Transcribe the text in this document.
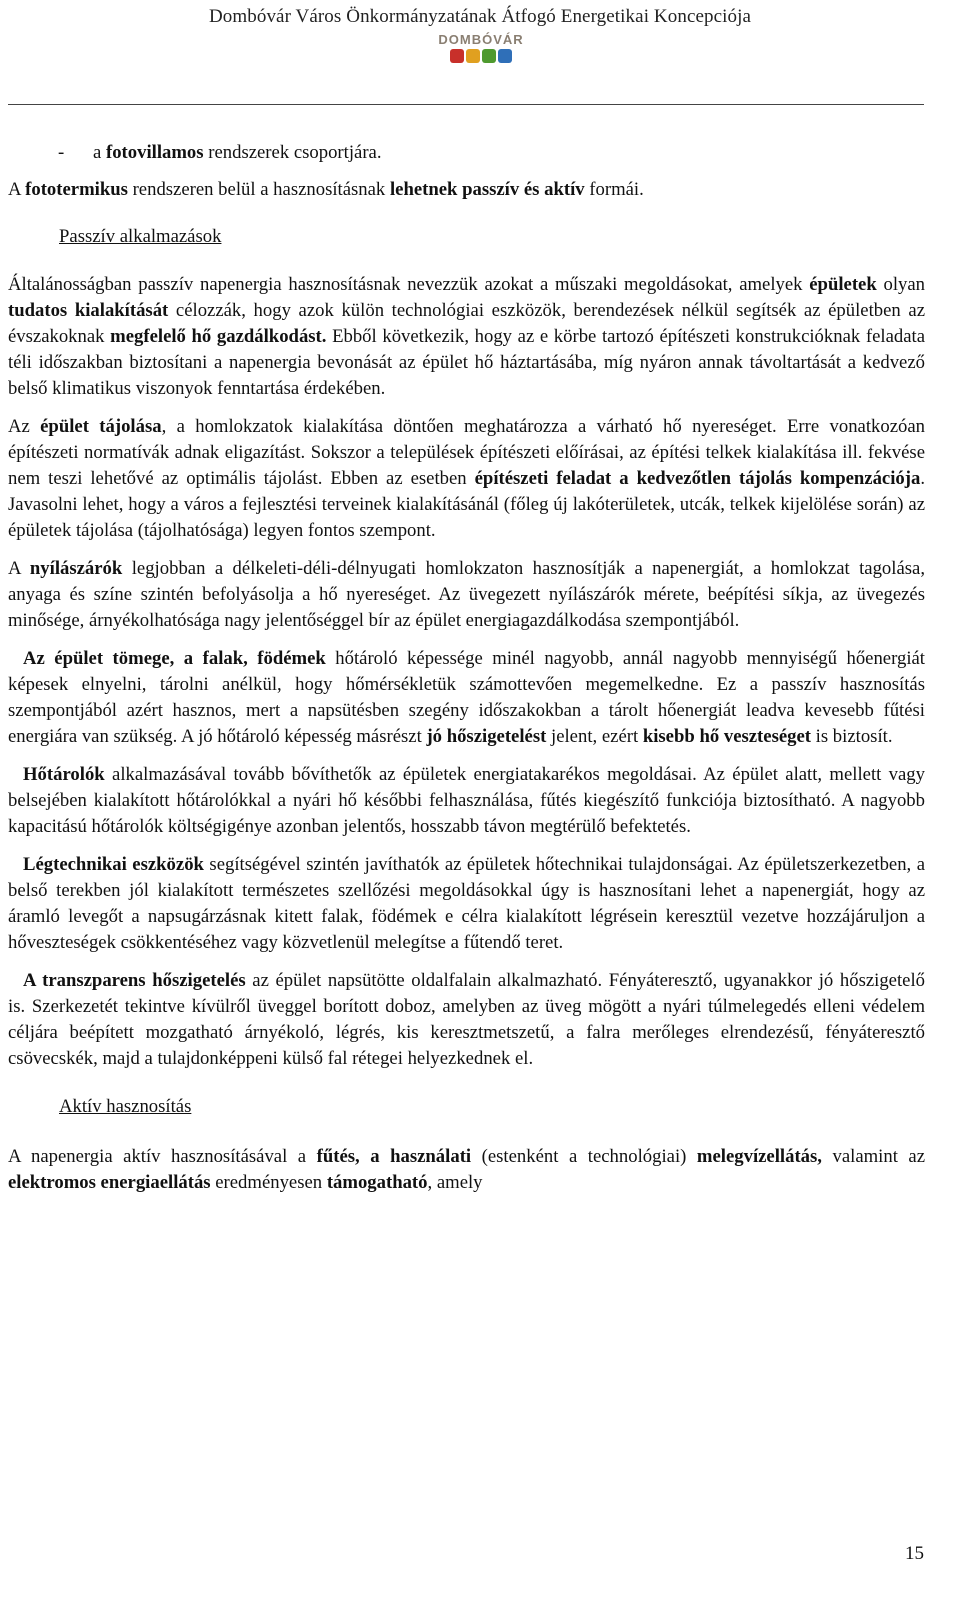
Dombóvár Város Önkormányzatának Átfogó Energetikai Koncepciója
DOMBÓVÁR

- a fotovillamos rendszerek csoportjára.

A fototermikus rendszeren belül a hasznosításnak lehetnek passzív és aktív formái.

Passzív alkalmazások

Általánosságban passzív napenergia hasznosításnak nevezzük azokat a műszaki megoldásokat, amelyek épületek olyan tudatos kialakítását célozzák, hogy azok külön technológiai eszközök, berendezések nélkül segítsék az épületben az évszakoknak megfelelő hő gazdálkodást. Ebből következik, hogy az e körbe tartozó építészeti konstrukcióknak feladata téli időszakban biztosítani a napenergia bevonását az épület hő háztartásába, míg nyáron annak távoltartását a kedvező belső klimatikus viszonyok fenntartása érdekében.

Az épület tájolása, a homlokzatok kialakítása döntően meghatározza a várható hő nyereséget. Erre vonatkozóan építészeti normatívák adnak eligazítást. Sokszor a települések építészeti előírásai, az építési telkek kialakítása ill. fekvése nem teszi lehetővé az optimális tájolást. Ebben az esetben építészeti feladat a kedvezőtlen tájolás kompenzációja. Javasolni lehet, hogy a város a fejlesztési terveinek kialakításánál (főleg új lakóterületek, utcák, telkek kijelölése során) az épületek tájolása (tájolhatósága) legyen fontos szempont.

A nyílászárók legjobban a délkeleti-déli-délnyugati homlokzaton hasznosítják a napenergiát, a homlokzat tagolása, anyaga és színe szintén befolyásolja a hő nyereséget. Az üvegezett nyílászárók mérete, beépítési síkja, az üvegezés minősége, árnyékolhatósága nagy jelentőséggel bír az épület energiagazdálkodása szempontjából.

Az épület tömege, a falak, födémek hőtároló képessége minél nagyobb, annál nagyobb mennyiségű hőenergiát képesek elnyelni, tárolni anélkül, hogy hőmérsékletük számottevően megemelkedne. Ez a passzív hasznosítás szempontjából azért hasznos, mert a napsütésben szegény időszakokban a tárolt hőenergiát leadva kevesebb fűtési energiára van szükség. A jó hőtároló képesség másrészt jó hőszigetelést jelent, ezért kisebb hő veszteséget is biztosít.

Hőtárolók alkalmazásával tovább bővíthetők az épületek energiatakarékos megoldásai. Az épület alatt, mellett vagy belsejében kialakított hőtárolókkal a nyári hő későbbi felhasználása, fűtés kiegészítő funkciója biztosítható. A nagyobb kapacitású hőtárolók költségigénye azonban jelentős, hosszabb távon megtérülő befektetés.

Légtechnikai eszközök segítségével szintén javíthatók az épületek hőtechnikai tulajdonságai. Az épületszerkezetben, a belső terekben jól kialakított természetes szellőzési megoldásokkal úgy is hasznosítani lehet a napenergiát, hogy az áramló levegőt a napsugárzásnak kitett falak, födémek e célra kialakított légrésein keresztül vezetve hozzájáruljon a hőveszteségek csökkentéséhez vagy közvetlenül melegítse a fűtendő teret.

A transzparens hőszigetelés az épület napsütötte oldalfalain alkalmazható. Fényáteresztő, ugyanakkor jó hőszigetelő is. Szerkezetét tekintve kívülről üveggel borított doboz, amelyben az üveg mögött a nyári túlmelegedés elleni védelem céljára beépített mozgatható árnyékoló, légrés, kis keresztmetszetű, a falra merőleges elrendezésű, fényáteresztő csövecskék, majd a tulajdonképpeni külső fal rétegei helyezkednek el.

Aktív hasznosítás

A napenergia aktív hasznosításával a fűtés, a használati (estenként a technológiai) melegvízellátás, valamint az elektromos energiaellátás eredményesen támogatható, amely

15
